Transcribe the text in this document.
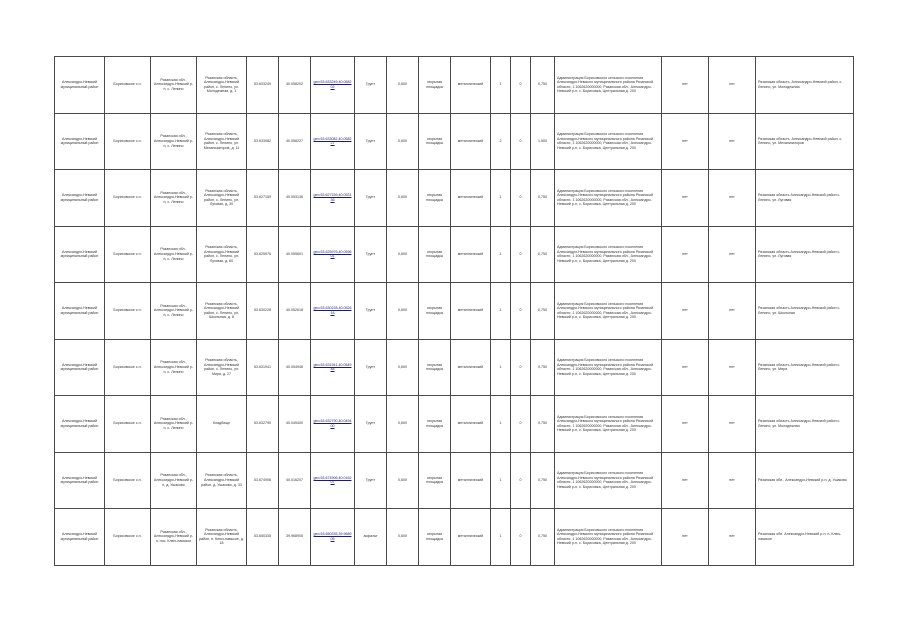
Александро-Невский муниципальный район	Борисовское с.п.	Рязанская обл., Александро-Невский р-н, с. Ленино	Рязанская область, Александро-Невский район, с. Ленино, ул. Молодежная, д. 1	53.633249	40.058202	geo:53.633249,40.058202	Грунт	0,600	открытая площадка	металлический	1	0	0,750	Администрация Борисовского сельского поселения Александро-Невского муниципального района Рязанской области, 1 1062620000000, Рязанская обл., Александро-Невский р-н, с. Борисовка, Центральная д. 200	нет	нет	Рязанская область, Александро-Невский район, с. Ленино, ул. Молодежная
Александро-Невский муниципальный район	Борисовское с.п.	Рязанская обл., Александро-Невский р-н, с. Ленино	Рязанская область, Александро-Невский район, с. Ленино, ул. Механизаторов, д. 11	53.633082	40.058227	geo:53.633082,40.058227	Грунт	0,600	открытая площадка	металлический	2	0	1,500	Администрация Борисовского сельского поселения Александро-Невского муниципального района Рязанской области, 1 1062620000000, Рязанская обл., Александро-Невский р-н, с. Борисовка, Центральная д. 200	нет	нет	Рязанская область, Александро-Невский район, с. Ленино, ул. Механизаторов
Александро-Невский муниципальный район	Борисовское с.п.	Рязанская обл., Александро-Невский р-н, с. Ленино	Рязанская область, Александро-Невский район, с. Ленино, ул. Луговая, д. 30	53.627159	40.053136	geo:53.627159,40.053136	Грунт	0,600	открытая площадка	металлический	1	0	0,750	Администрация Борисовского сельского поселения Александро-Невского муниципального района Рязанской области, 1 1062620000000, Рязанская обл., Александро-Невский р-н, с. Борисовка, Центральная д. 200	нет	нет	Рязанская область Александро-Невский район с. Ленино, ул. Луговая
Александро-Невский муниципальный район	Борисовское с.п.	Рязанская обл., Александро-Невский р-н, с. Ленино	Рязанская область, Александро-Невский район, с. Ленино, ул. Луговая, д. 60	53.625976	40.059601	geo:53.625976,40.059601	Грунт	0,600	открытая площадка	металлический	1	0	0,750	Администрация Борисовского сельского поселения Александро-Невского муниципального района Рязанской области, 1 1062620000000, Рязанская обл., Александро-Невский р-н, с. Борисовка, Центральная д. 200	нет	нет	Рязанская область Александро-Невский район с. Ленино, ул. Луговая
Александро-Невский муниципальный район	Борисовское с.п.	Рязанская обл., Александро-Невский р-н, с. Ленино	Рязанская область, Александро-Невский район, с. Ленино, ул. Школьная, д. 8	53.630228	40.052618	geo:53.630228,40.052618	Грунт	0,600	открытая площадка	металлический	1	0	0,750	Администрация Борисовского сельского поселения Александро-Невского муниципального района Рязанской области, 1 1062620000000, Рязанская обл., Александро-Невский р-н, с. Борисовка, Центральная д. 200	нет	нет	Рязанская область Александро-Невский район с. Ленино, ул. Школьная
Александро-Невский муниципальный район	Борисовское с.п.	Рязанская обл., Александро-Невский р-н, с. Ленино	Рязанская область, Александро-Невский район, с. Ленино, ул. Мира, д. 27	53.631941	40.054948	geo:53.631941,40.054948	Грунт	0,600	открытая площадка	металлический	1	0	0,750	Администрация Борисовского сельского поселения Александро-Невского муниципального района Рязанской области, 1 1062620000000, Рязанская обл., Александро-Невский р-н, с. Борисовка, Центральная д. 200	нет	нет	Рязанская область Александро-Невский район с. Ленино, ул. Мира
Александро-Невский муниципальный район	Борисовское с.п.	Рязанская обл., Александро-Невский р-н, с. Ленино	Кладбище	53.632790	40.049400	geo:53.632790,40.049400	Грунт	0,600	открытая площадка	металлический	1	0	0,750	Администрация Борисовского сельского поселения Александро-Невского муниципального района Рязанской области, 1 1062620000000, Рязанская обл., Александро-Невский р-н, с. Борисовка, Центральная д. 200	нет	нет	Рязанская область Александро-Невский район с. Ленино, ул. Молодежная
Александро-Невский муниципальный район	Борисовское с.п.	Рязанская обл., Александро-Невский р-н, д. Ушаково	Рязанская область, Александро-Невский район, д. Ушаково, д. 33	53.674906	40.016207	geo:53.674906,40.016207	Грунт	0,600	открытая площадка	металлический	1	0	0,750	Администрация Борисовского сельского поселения Александро-Невского муниципального района Рязанской области, 1 1062620000000, Рязанская обл., Александро-Невский р-н, с. Борисовка, Центральная д. 200	нет	нет	Рязанская обл., Александро-Невский р-н, д. Ушаково
Александро-Невский муниципальный район	Борисовское с.п.	Рязанская обл., Александро-Невский р-н, пос. Ключ-ламское	Рязанская область, Александро-Невский район, п. Ключ-ламское, д. 18	53.650335	39.968905	geo:53.650335,39.968905	асфальт	0,600	открытая площадка	металлический	1	0	0,750	Администрация Борисовского сельского поселения Александро-Невского муниципального района Рязанской области, 1 1062620000000, Рязанская обл., Александро-Невский р-н, с. Борисовка, Центральная д. 200	нет	нет	Рязанская обл. Александро-Невский р-н, п. Ключ-ламское
